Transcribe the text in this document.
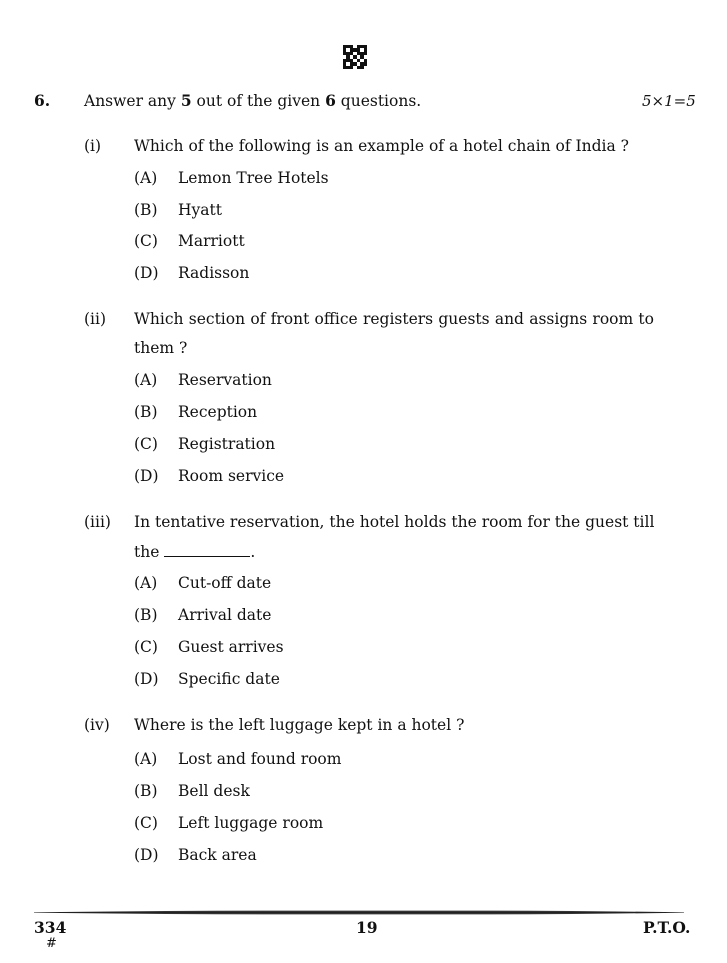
6. Answer any 5 out of the given 6 questions.	5×1=5
(i) Which of the following is an example of a hotel chain of India ?
(A) Lemon Tree Hotels
(B) Hyatt
(C) Marriott
(D) Radisson
(ii) Which section of front office registers guests and assigns room to
them ?
(A) Reservation
(B) Reception
(C) Registration
(D) Room service
(iii) In tentative reservation, the hotel holds the room for the guest till
the	.
(A) Cut-off date
(B) Arrival date
(C) Guest arrives
(D) Specific date
(iv) Where is the left luggage kept in a hotel ?
(A) Lost and found room
(B) Bell desk
(C) Left luggage room
(D) Back area
334
#
19	P.T.O.
